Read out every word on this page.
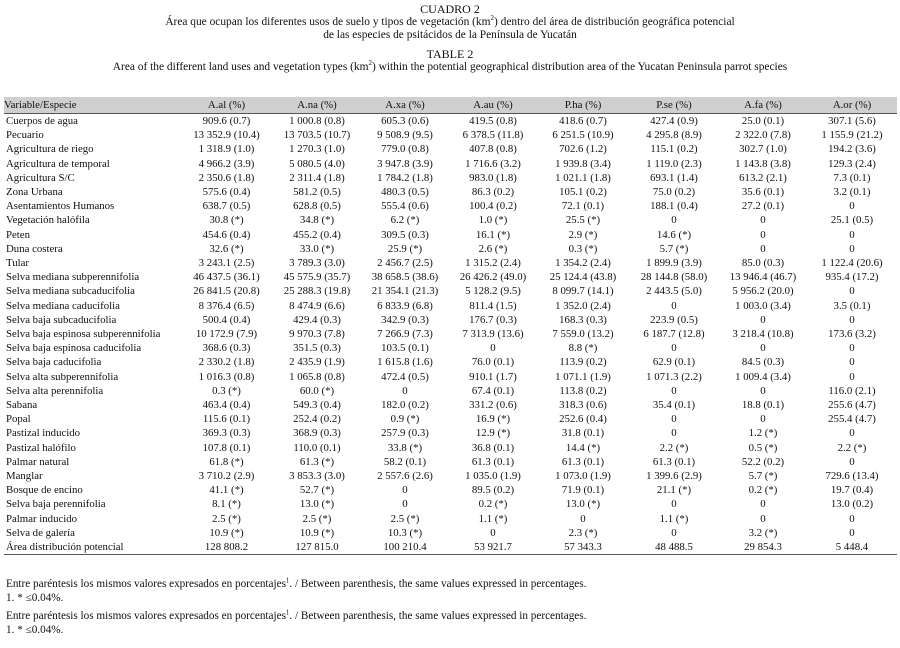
CUADRO 2
Área que ocupan los diferentes usos de suelo y tipos de vegetación $(km^2)$ dentro del área de distribución geográfica potencial
de las especies de psitácidos de la Península de Yucatán
TABLE 2
Area of the different land uses and vegetation types $(km^2)$ within the potential geographical distribution area of the Yucatan Peninsula parrot species
Variable/Especie	A.al (%)	A.na (%)	A.xa (%)	A.au (%)	P.ha (%)	P.se (%)	A.fa (%)	A.or (%)
Cuerpos de agua	909.6 (0.7)	1 000.8 (0.8)	605.3 (0.6)	419.5 (0.8)	418.6 (0.7)	427.4 (0.9)	25.0 (0.1)	307.1 (5.6)
Pecuario	13 352.9 (10.4)	13 703.5 (10.7)	9 508.9 (9.5)	6 378.5 (11.8)	6 251.5 (10.9)	4 295.8 (8.9)	2 322.0 (7.8)	1 155.9 (21.2)
Agricultura de riego	1 318.9 (1.0)	1 270.3 (1.0)	779.0 (0.8)	407.8 (0.8)	702.6 (1.2)	115.1 (0.2)	302.7 (1.0)	194.2 (3.6)
Agricultura de temporal	4 966.2 (3.9)	5 080.5 (4.0)	3 947.8 (3.9)	1 716.6 (3.2)	1 939.8 (3.4)	1 119.0 (2.3)	1 143.8 (3.8)	129.3 (2.4)
Agricultura S/C	2 350.6 (1.8)	2 311.4 (1.8)	1 784.2 (1.8)	983.0 (1.8)	1 021.1 (1.8)	693.1 (1.4)	613.2 (2.1)	7.3 (0.1)
Zona Urbana	575.6 (0.4)	581.2 (0.5)	480.3 (0.5)	86.3 (0.2)	105.1 (0.2)	75.0 (0.2)	35.6 (0.1)	3.2 (0.1)
Asentamientos Humanos	638.7 (0.5)	628.8 (0.5)	555.4 (0.6)	100.4 (0.2)	72.1 (0.1)	188.1 (0.4)	27.2 (0.1)	0
Vegetación halófila	30.8 (*)	34.8 (*)	6.2 (*)	1.0 (*)	25.5 (*)	0	0	25.1 (0.5)
Peten	454.6 (0.4)	455.2 (0.4)	309.5 (0.3)	16.1 (*)	2.9 (*)	14.6 (*)	0	0
Duna costera	32.6 (*)	33.0 (*)	25.9 (*)	2.6 (*)	0.3 (*)	5.7 (*)	0	0
Tular	3 243.1 (2.5)	3 789.3 (3.0)	2 456.7 (2.5)	1 315.2 (2.4)	1 354.2 (2.4)	1 899.9 (3.9)	85.0 (0.3)	1 122.4 (20.6)
Selva mediana subperennifolia	46 437.5 (36.1)	45 575.9 (35.7)	38 658.5 (38.6)	26 426.2 (49.0)	25 124.4 (43.8)	28 144.8 (58.0)	13 946.4 (46.7)	935.4 (17.2)
Selva mediana subcaducifolia	26 841.5 (20.8)	25 288.3 (19.8)	21 354.1 (21.3)	5 128.2 (9.5)	8 099.7 (14.1)	2 443.5 (5.0)	5 956.2 (20.0)	0
Selva mediana caducifolia	8 376.4 (6.5)	8 474.9 (6.6)	6 833.9 (6.8)	811.4 (1.5)	1 352.0 (2.4)	0	1 003.0 (3.4)	3.5 (0.1)
Selva baja subcaducifolia	500.4 (0.4)	429.4 (0.3)	342.9 (0.3)	176.7 (0.3)	168.3 (0.3)	223.9 (0.5)	0	0
Selva baja espinosa subperennifolia	10 172.9 (7.9)	9 970.3 (7.8)	7 266.9 (7.3)	7 313.9 (13.6)	7 559.0 (13.2)	6 187.7 (12.8)	3 218.4 (10.8)	173.6 (3.2)
Selva baja espinosa caducifolia	368.6 (0.3)	351.5 (0.3)	103.5 (0.1)	0	8.8 (*)	0	0	0
Selva baja caducifolia	2 330.2 (1.8)	2 435.9 (1.9)	1 615.8 (1.6)	76.0 (0.1)	113.9 (0.2)	62.9 (0.1)	84.5 (0.3)	0
Selva alta subperennifolia	1 016.3 (0.8)	1 065.8 (0.8)	472.4 (0.5)	910.1 (1.7)	1 071.1 (1.9)	1 071.3 (2.2)	1 009.4 (3.4)	0
Selva alta perennifolia	0.3 (*)	60.0 (*)	0	67.4 (0.1)	113.8 (0.2)	0	0	116.0 (2.1)
Sabana	463.4 (0.4)	549.3 (0.4)	182.0 (0.2)	331.2 (0.6)	318.3 (0.6)	35.4 (0.1)	18.8 (0.1)	255.6 (4.7)
Popal	115.6 (0.1)	252.4 (0.2)	0.9 (*)	16.9 (*)	252.6 (0.4)	0	0	255.4 (4.7)
Pastizal inducido	369.3 (0.3)	368.9 (0.3)	257.9 (0.3)	12.9 (*)	31.8 (0.1)	0	1.2 (*)	0
Pastizal halófilo	107.8 (0.1)	110.0 (0.1)	33.8 (*)	36.8 (0.1)	14.4 (*)	2.2 (*)	0.5 (*)	2.2 (*)
Palmar natural	61.8 (*)	61.3 (*)	58.2 (0.1)	61.3 (0.1)	61.3 (0.1)	61.3 (0.1)	52.2 (0.2)	0
Manglar	3 710.2 (2.9)	3 853.3 (3.0)	2 557.6 (2.6)	1 035.0 (1.9)	1 073.0 (1.9)	1 399.6 (2.9)	5.7 (*)	729.6 (13.4)
Bosque de encino	41.1 (*)	52.7 (*)	0	89.5 (0.2)	71.9 (0.1)	21.1 (*)	0.2 (*)	19.7 (0.4)
Selva baja perennifolia	8.1 (*)	13.0 (*)	0	0.2 (*)	13.0 (*)	0	0	13.0 (0.2)
Palmar inducido	2.5 (*)	2.5 (*)	2.5 (*)	1.1 (*)	0	1.1 (*)	0	0
Selva de galería	10.9 (*)	10.9 (*)	10.3 (*)	0	2.3 (*)	0	3.2 (*)	0
Área distribución potencial	128 808.2	127 815.0	100 210.4	53 921.7	57 343.3	48 488.5	29 854.3	5 448.4

Entre paréntesis los mismos valores expresados en porcentajes$^1$. / Between parenthesis, the same values expressed in percentages.

1. * ≤0.04%.

Entre paréntesis los mismos valores expresados en porcentajes$^1$. / Between parenthesis, the same values expressed in percentages.

1. * ≤0.04%.
